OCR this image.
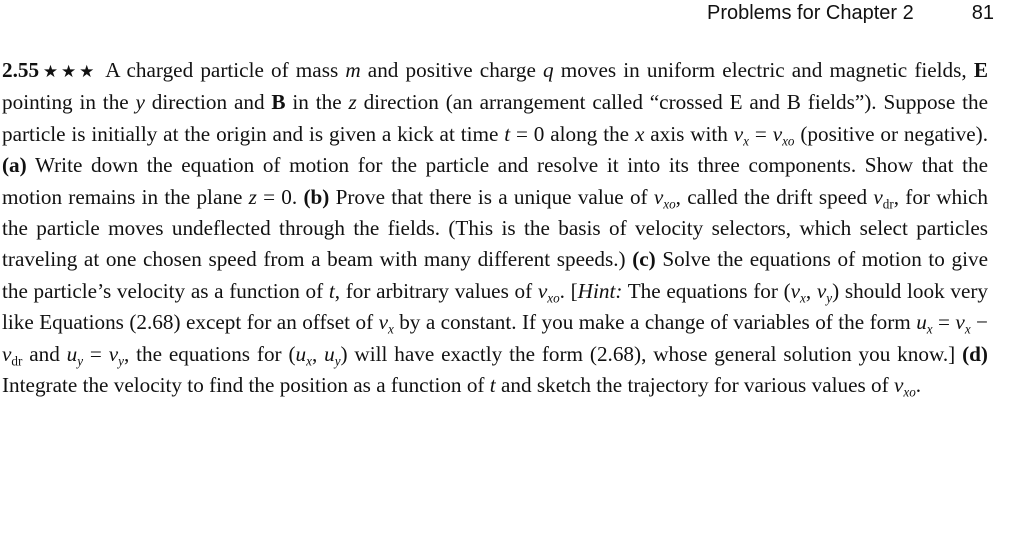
Problems for Chapter 2	81
2.55 ★★★ A charged particle of mass m and positive charge q moves in uniform electric and magnetic fields, E pointing in the y direction and B in the z direction (an arrangement called “crossed E and B fields”). Suppose the particle is initially at the origin and is given a kick at time t = 0 along the x axis with $v_x = v_{xo}$ (positive or negative). (a) Write down the equation of motion for the particle and resolve it into its three components. Show that the motion remains in the plane z = 0. (b) Prove that there is a unique value of $v_{xo}$, called the drift speed $v_{dr}$, for which the particle moves undeflected through the fields. (This is the basis of velocity selectors, which select particles traveling at one chosen speed from a beam with many different speeds.) (c) Solve the equations of motion to give the particle’s velocity as a function of t, for arbitrary values of $v_{xo}$. [Hint: The equations for ($v_x$, $v_y$) should look very like Equations (2.68) except for an offset of $v_x$ by a constant. If you make a change of variables of the form $u_x = v_x - v_{dr}$ and $u_y = v_y$, the equations for ($u_x$, $u_y$) will have exactly the form (2.68), whose general solution you know.] (d) Integrate the velocity to find the position as a function of t and sketch the trajectory for various values of $v_{xo}$.
